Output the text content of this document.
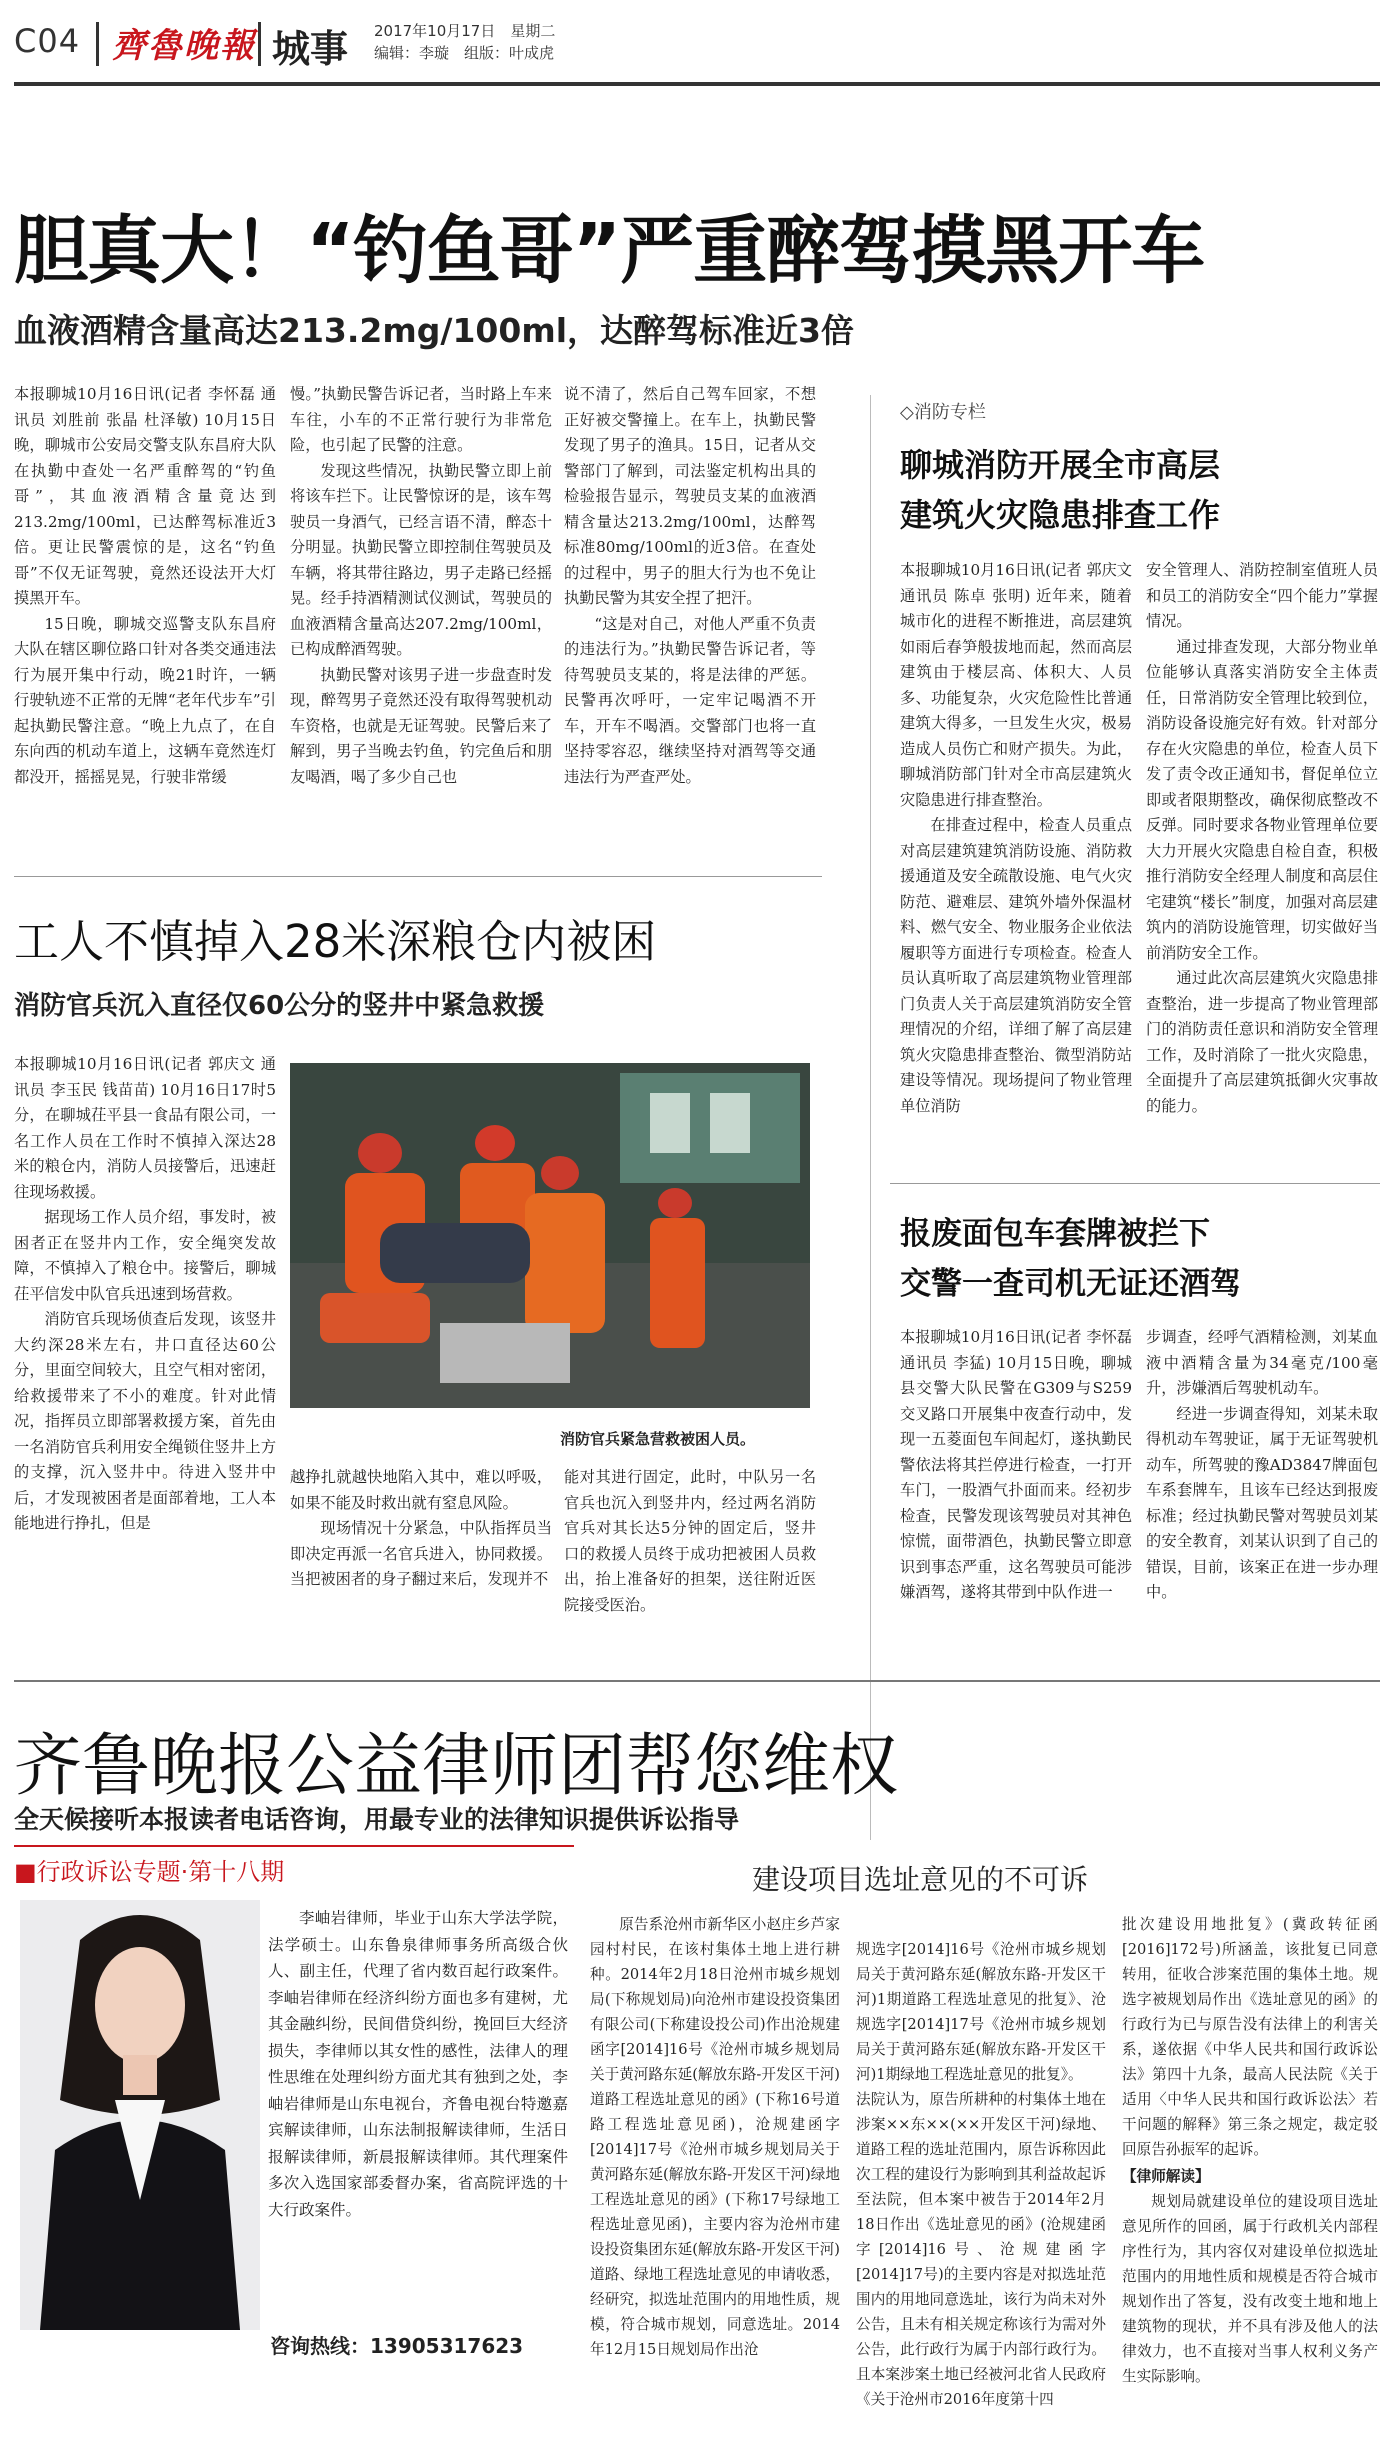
C04 齊魯晚報 城事 2017年10月17日　星期二
编辑：李璇　组版：叶成虎
胆真大！“钓鱼哥”严重醉驾摸黑开车
血液酒精含量高达213.2mg/100ml，达醉驾标准近3倍

本报聊城10月16日讯(记者 李怀磊 通讯员 刘胜前 张晶 杜泽敏) 10月15日晚，聊城市公安局交警支队东昌府大队在执勤中查处一名严重醉驾的“钓鱼哥”，其血液酒精含量竟达到213.2mg/100ml，已达醉驾标准近3倍。更让民警震惊的是，这名“钓鱼哥”不仅无证驾驶，竟然还设法开大灯摸黑开车。

15日晚，聊城交巡警支队东昌府大队在辖区聊位路口针对各类交通违法行为展开集中行动，晚21时许，一辆行驶轨迹不正常的无牌“老年代步车”引起执勤民警注意。“晚上九点了，在自东向西的机动车道上，这辆车竟然连灯都没开，摇摇晃晃，行驶非常缓

慢。”执勤民警告诉记者，当时路上车来车往，小车的不正常行驶行为非常危险，也引起了民警的注意。

发现这些情况，执勤民警立即上前将该车拦下。让民警惊讶的是，该车驾驶员一身酒气，已经言语不清，醉态十分明显。执勤民警立即控制住驾驶员及车辆，将其带往路边，男子走路已经摇晃。经手持酒精测试仪测试，驾驶员的血液酒精含量高达207.2mg/100ml，已构成醉酒驾驶。

执勤民警对该男子进一步盘查时发现，醉驾男子竟然还没有取得驾驶机动车资格，也就是无证驾驶。民警后来了解到，男子当晚去钓鱼，钓完鱼后和朋友喝酒，喝了多少自己也

说不清了，然后自己驾车回家，不想正好被交警撞上。在车上，执勤民警发现了男子的渔具。15日，记者从交警部门了解到，司法鉴定机构出具的检验报告显示，驾驶员支某的血液酒精含量达213.2mg/100ml，达醉驾标准80mg/100ml的近3倍。在查处的过程中，男子的胆大行为也不免让执勤民警为其安全捏了把汗。

“这是对自己，对他人严重不负责的违法行为。”执勤民警告诉记者，等待驾驶员支某的，将是法律的严惩。民警再次呼吁，一定牢记喝酒不开车，开车不喝酒。交警部门也将一直坚持零容忍，继续坚持对酒驾等交通违法行为严查严处。

工人不慎掉入28米深粮仓内被困
消防官兵沉入直径仅60公分的竖井中紧急救援

本报聊城10月16日讯(记者 郭庆文 通讯员 李玉民 钱苗苗) 10月16日17时5分，在聊城茌平县一食品有限公司，一名工作人员在工作时不慎掉入深达28米的粮仓内，消防人员接警后，迅速赶往现场救援。

据现场工作人员介绍，事发时，被困者正在竖井内工作，安全绳突发故障，不慎掉入了粮仓中。接警后，聊城茌平信发中队官兵迅速到场营救。

消防官兵现场侦查后发现，该竖井大约深28米左右，井口直径达60公分，里面空间较大，且空气相对密闭，给救援带来了不小的难度。针对此情况，指挥员立即部署救援方案，首先由一名消防官兵利用安全绳锁住竖井上方的支撑，沉入竖井中。待进入竖井中后，才发现被困者是面部着地，工人本能地进行挣扎，但是

消防官兵紧急营救被困人员。

越挣扎就越快地陷入其中，难以呼吸，如果不能及时救出就有窒息风险。

现场情况十分紧急，中队指挥员当即决定再派一名官兵进入，协同救援。当把被困者的身子翻过来后，发现并不

能对其进行固定，此时，中队另一名官兵也沉入到竖井内，经过两名消防官兵对其长达5分钟的固定后，竖井口的救援人员终于成功把被困人员救出，抬上准备好的担架，送往附近医院接受医治。

◇消防专栏
聊城消防开展全市高层
建筑火灾隐患排查工作

本报聊城10月16日讯(记者 郭庆文 通讯员 陈卓 张明) 近年来，随着城市化的进程不断推进，高层建筑如雨后春笋般拔地而起，然而高层建筑由于楼层高、体积大、人员多、功能复杂，火灾危险性比普通建筑大得多，一旦发生火灾，极易造成人员伤亡和财产损失。为此，聊城消防部门针对全市高层建筑火灾隐患进行排查整治。

在排查过程中，检查人员重点对高层建筑建筑消防设施、消防救援通道及安全疏散设施、电气火灾防范、避难层、建筑外墙外保温材料、燃气安全、物业服务企业依法履职等方面进行专项检查。检查人员认真听取了高层建筑物业管理部门负责人关于高层建筑消防安全管理情况的介绍，详细了解了高层建筑火灾隐患排查整治、微型消防站建设等情况。现场提问了物业管理单位消防

安全管理人、消防控制室值班人员和员工的消防安全“四个能力”掌握情况。

通过排查发现，大部分物业单位能够认真落实消防安全主体责任，日常消防安全管理比较到位，消防设备设施完好有效。针对部分存在火灾隐患的单位，检查人员下发了责令改正通知书，督促单位立即或者限期整改，确保彻底整改不反弹。同时要求各物业管理单位要大力开展火灾隐患自检自查，积极推行消防安全经理人制度和高层住宅建筑“楼长”制度，加强对高层建筑内的消防设施管理，切实做好当前消防安全工作。

通过此次高层建筑火灾隐患排查整治，进一步提高了物业管理部门的消防责任意识和消防安全管理工作，及时消除了一批火灾隐患，全面提升了高层建筑抵御火灾事故的能力。

报废面包车套牌被拦下
交警一查司机无证还酒驾

本报聊城10月16日讯(记者 李怀磊 通讯员 李猛) 10月15日晚，聊城县交警大队民警在G309与S259交叉路口开展集中夜查行动中，发现一五菱面包车间起灯，遂执勤民警依法将其拦停进行检查，一打开车门，一股酒气扑面而来。经初步检查，民警发现该驾驶员对其神色惊慌，面带酒色，执勤民警立即意识到事态严重，这名驾驶员可能涉嫌酒驾，遂将其带到中队作进一

步调查，经呼气酒精检测，刘某血液中酒精含量为34毫克/100毫升，涉嫌酒后驾驶机动车。

经进一步调查得知，刘某未取得机动车驾驶证，属于无证驾驶机动车，所驾驶的豫AD3847牌面包车系套牌车，且该车已经达到报废标准；经过执勤民警对驾驶员刘某的安全教育，刘某认识到了自己的错误，目前，该案正在进一步办理中。

齐鲁晚报公益律师团帮您维权
全天候接听本报读者电话咨询，用最专业的法律知识提供诉讼指导
■行政诉讼专题·第十八期	建设项目选址意见的不可诉

李岫岩律师，毕业于山东大学法学院，法学硕士。山东鲁泉律师事务所高级合伙人、副主任，代理了省内数百起行政案件。李岫岩律师在经济纠纷方面也多有建树，尤其金融纠纷，民间借贷纠纷，挽回巨大经济损失，李律师以其女性的感性，法律人的理性思维在处理纠纷方面尤其有独到之处，李岫岩律师是山东电视台，齐鲁电视台特邀嘉宾解读律师，山东法制报解读律师，生活日报解读律师，新晨报解读律师。其代理案件多次入选国家部委督办案，省高院评选的十大行政案件。

咨询热线：13905317623

原告系沧州市新华区小赵庄乡芦家园村村民，在该村集体土地上进行耕种。2014年2月18日沧州市城乡规划局(下称规划局)向沧州市建设投资集团有限公司(下称建设投公司)作出沧规建函字[2014]16号《沧州市城乡规划局关于黄河路东延(解放东路-开发区干河)道路工程选址意见的函》(下称16号道路工程选址意见函)，沧规建函字[2014]17号《沧州市城乡规划局关于黄河路东延(解放东路-开发区干河)绿地工程选址意见的函》(下称17号绿地工程选址意见函)，主要内容为沧州市建设投资集团东延(解放东路-开发区干河)道路、绿地工程选址意见的申请收悉，经研究，拟选址范围内的用地性质，规模，符合城市规划，同意选址。2014年12月15日规划局作出沧

规选字[2014]16号《沧州市城乡规划局关于黄河路东延(解放东路-开发区干河)1期道路工程选址意见的批复》、沧规选字[2014]17号《沧州市城乡规划局关于黄河路东延(解放东路-开发区干河)1期绿地工程选址意见的批复》。
法院认为，原告所耕种的村集体土地在涉案××东××(××开发区干河)绿地、道路工程的选址范围内，原告诉称因此次工程的建设行为影响到其利益故起诉至法院，但本案中被告于2014年2月18日作出《选址意见的函》(沧规建函字[2014]16号、沧规建函字[2014]17号)的主要内容是对拟选址范围内的用地同意选址，该行为尚未对外公告，且未有相关规定称该行为需对外公告，此行政行为属于内部行政行为。且本案涉案土地已经被河北省人民政府《关于沧州市2016年度第十四

批次建设用地批复》(冀政转征函[2016]172号)所涵盖，该批复已同意转用，征收合涉案范围的集体土地。规选字被规划局作出《选址意见的函》的行政行为已与原告没有法律上的利害关系，遂依据《中华人民共和国行政诉讼法》第四十九条，最高人民法院《关于适用〈中华人民共和国行政诉讼法〉若干问题的解释》第三条之规定，裁定驳回原告孙振军的起诉。

【律师解读】

规划局就建设单位的建设项目选址意见所作的回函，属于行政机关内部程序性行为，其内容仅对建设单位拟选址范围内的用地性质和规模是否符合城市规划作出了答复，没有改变土地和地上建筑物的现状，并不具有涉及他人的法律效力，也不直接对当事人权利义务产生实际影响。
